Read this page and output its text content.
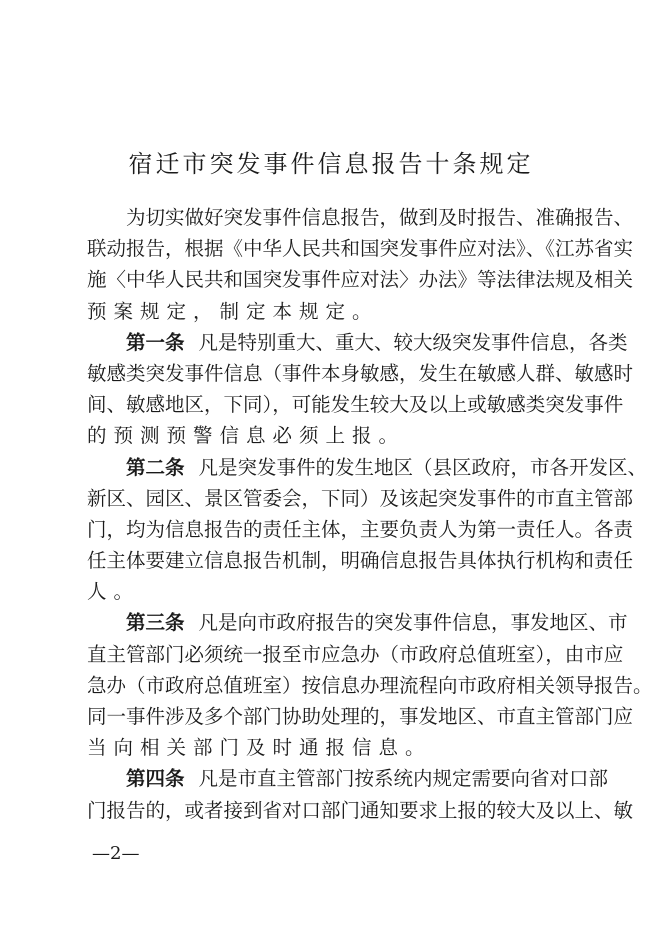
宿迁市突发事件信息报告十条规定
为切实做好突发事件信息报告，做到及时报告、准确报告、
联动报告，根据《中华人民共和国突发事件应对法》、《江苏省实
施〈中华人民共和国突发事件应对法〉办法》等法律法规及相关
预案规定，制定本规定。
第一条 凡是特别重大、重大、较大级突发事件信息，各类
敏感类突发事件信息（事件本身敏感，发生在敏感人群、敏感时
间、敏感地区，下同），可能发生较大及以上或敏感类突发事件
的预测预警信息必须上报。
第二条 凡是突发事件的发生地区（县区政府，市各开发区、
新区、园区、景区管委会，下同）及该起突发事件的市直主管部
门，均为信息报告的责任主体，主要负责人为第一责任人。各责
任主体要建立信息报告机制，明确信息报告具体执行机构和责任
人。
第三条 凡是向市政府报告的突发事件信息，事发地区、市
直主管部门必须统一报至市应急办（市政府总值班室），由市应
急办（市政府总值班室）按信息办理流程向市政府相关领导报告。
同一事件涉及多个部门协助处理的，事发地区、市直主管部门应
当向相关部门及时通报信息。
第四条 凡是市直主管部门按系统内规定需要向省对口部
门报告的，或者接到省对口部门通知要求上报的较大及以上、敏
—2—
